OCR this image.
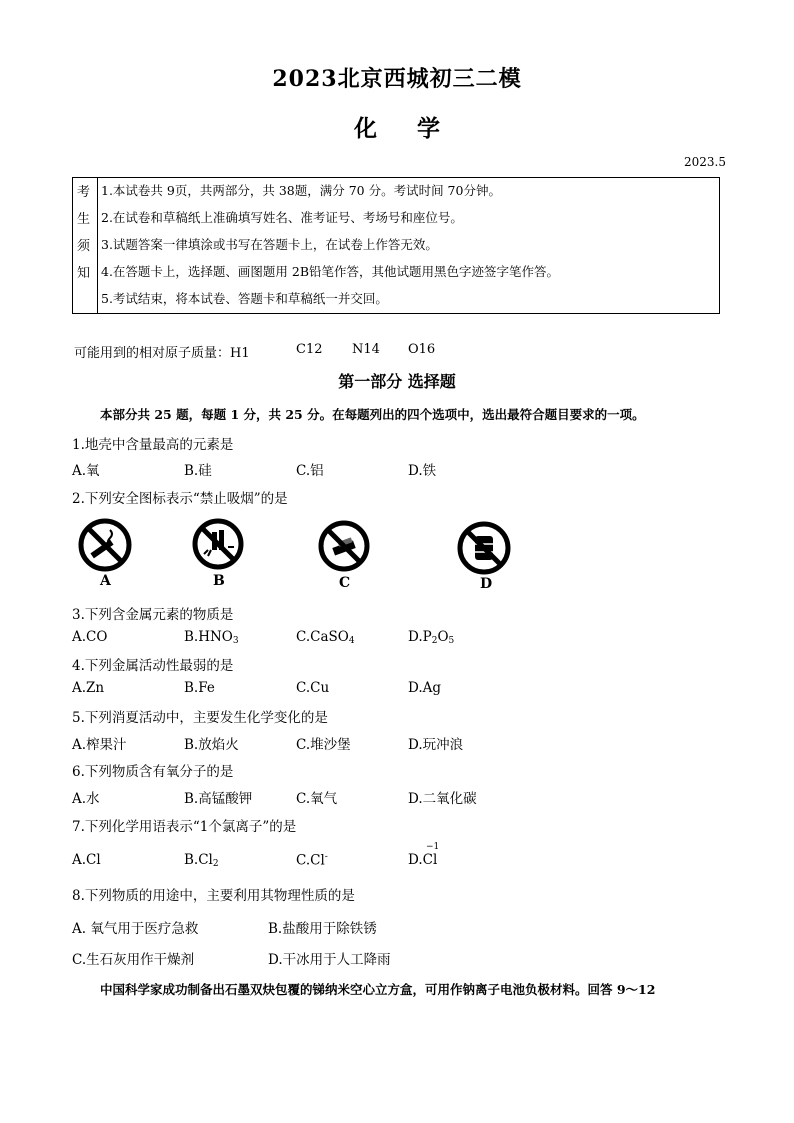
2023北京西城初三二模
化学
2023.5
考
生
须
知
1.本试卷共 9页，共两部分，共 38题，满分 70 分。考试时间 70分钟。
2.在试卷和草稿纸上准确填写姓名、准考证号、考场号和座位号。
3.试题答案一律填涂或书写在答题卡上，在试卷上作答无效。
4.在答题卡上，选择题、画图题用 2B铅笔作答，其他试题用黑色字迹签字笔作答。
5.考试结束，将本试卷、答题卡和草稿纸一并交回。
可能用到的相对原子质量：H1	C12 N14 O16
第一部分 选择题
本部分共 25 题，每题 1 分，共 25 分。在每题列出的四个选项中，选出最符合题目要求的一项。
1.地壳中含量最高的元素是
A.氧	B.硅	C.铝	D.铁
2.下列安全图标表示“禁止吸烟”的是
A	B	C	D
3.下列含金属元素的物质是
A.CO	$B.HNO_3$	C.CaSO$_4$	$D.P_2O_5$
4.下列金属活动性最弱的是
A.Zn	B.Fe	C.Cu	D.Ag
5.下列消夏活动中，主要发生化学变化的是
A.榨果汁	B.放焰火	C.堆沙堡	D.玩冲浪
6.下列物质含有氧分子的是
A.水	B.高锰酸钾	C.氧气	D.二氧化碳
7.下列化学用语表示“1个氯离子”的是
A.Cl	$B.Cl_2$	C.Cl-	D.Cl
−1
8.下列物质的用途中，主要利用其物理性质的是
A. 氧气用于医疗急救	B.盐酸用于除铁锈
C.生石灰用作干燥剂	D.干冰用于人工降雨
中国科学家成功制备出石墨双炔包覆的锑纳米空心立方盒，可用作钠离子电池负极材料。回答 9～12
